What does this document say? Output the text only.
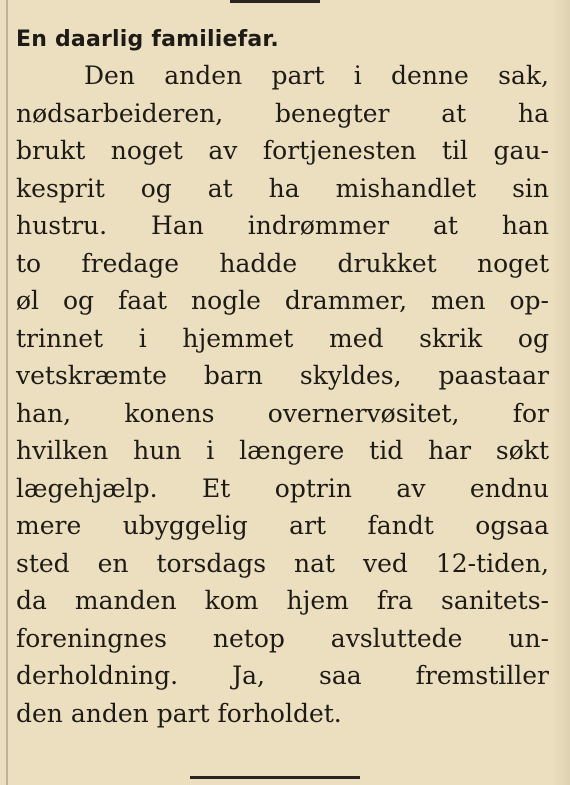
En daarlig familiefar.
Den anden part i denne sak,
nødsarbeideren, benegter at ha
brukt noget av fortjenesten til gau-
kesprit og at ha mishandlet sin
hustru. Han indrømmer at han
to fredage hadde drukket noget
øl og faat nogle drammer, men op-
trinnet i hjemmet med skrik og
vetskræmte barn skyldes, paastaar
han, konens overnervøsitet, for
hvilken hun i længere tid har søkt
lægehjælp. Et optrin av endnu
mere ubyggelig art fandt ogsaa
sted en torsdags nat ved 12-tiden,
da manden kom hjem fra sanitets-
foreningnes netop avsluttede un-
derholdning. Ja, saa fremstiller
den anden part forholdet.
